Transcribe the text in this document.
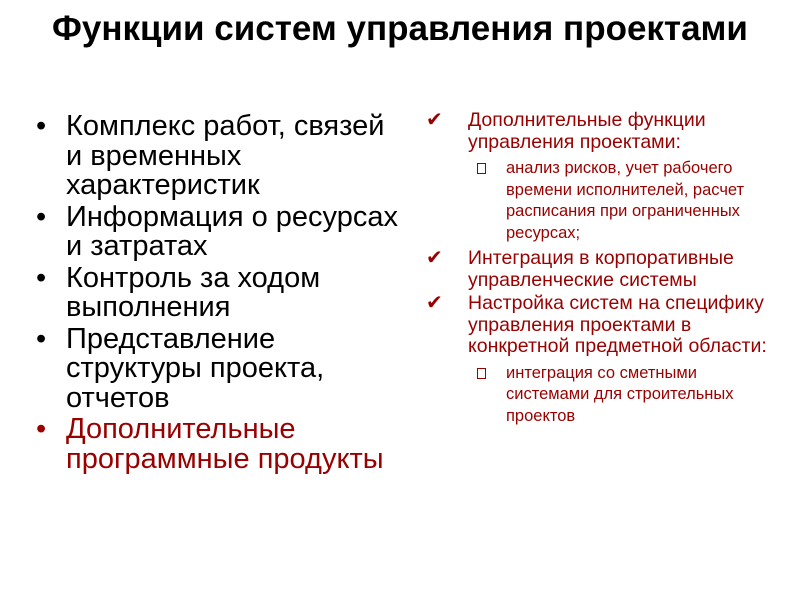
Функции систем управления проектами
• Комплекс работ, связей и временных характеристик
• Информация о ресурсах и затратах
• Контроль за ходом выполнения
• Представление структуры проекта, отчетов
• Дополнительные программные продукты
✔ Дополнительные функции управления проектами:
анализ рисков, учет рабочего времени исполнителей, расчет расписания при ограниченных ресурсах;
✔ Интеграция в корпоративные управленческие системы
✔ Настройка систем на специфику управления проектами в конкретной предметной области:
интеграция со сметными системами для строительных проектов
